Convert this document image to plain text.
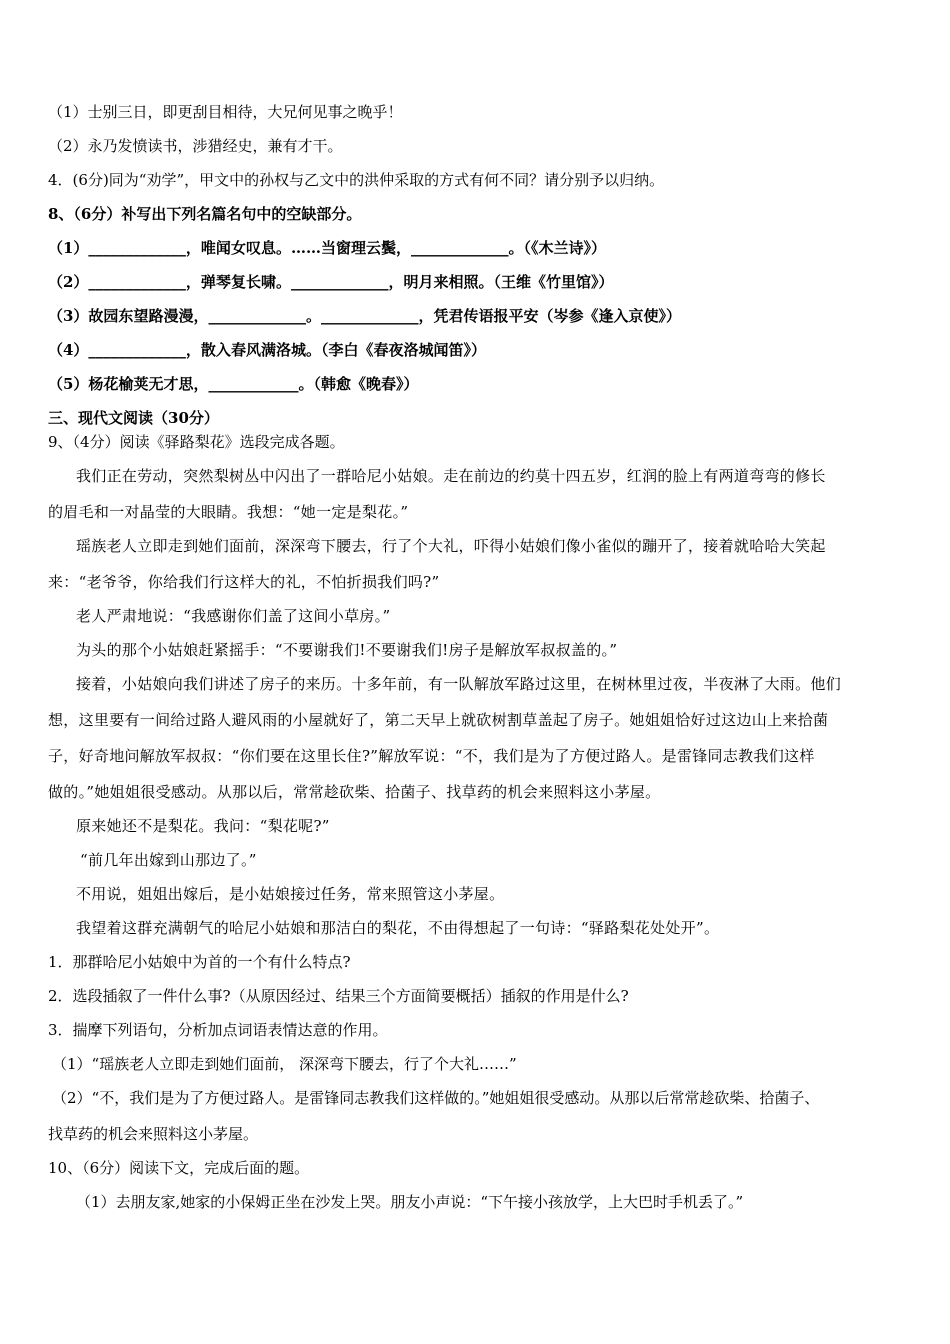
（1）士别三日，即更刮目相待，大兄何见事之晚乎！
（2）永乃发愤读书，涉猎经史，兼有才干。
4．(6分)同为“劝学”，甲文中的孙权与乙文中的洪仲采取的方式有何不同？请分别予以归纳。
8、（6分）补写出下列名篇名句中的空缺部分。
（1）_____________，唯闻女叹息。……当窗理云鬓，_____________。（《木兰诗》）
（2）_____________，弹琴复长啸。_____________，明月来相照。（王维《竹里馆》）
（3）故园东望路漫漫，_____________。_____________，凭君传语报平安（岑参《逢入京使》）
（4）_____________，散入春风满洛城。（李白《春夜洛城闻笛》）
（5）杨花榆荚无才思，____________。（韩愈《晚春》）
三、现代文阅读（30分）
9、（4分）阅读《驿路梨花》选段完成各题。
我们正在劳动，突然梨树丛中闪出了一群哈尼小姑娘。走在前边的约莫十四五岁，红润的脸上有两道弯弯的修长
的眉毛和一对晶莹的大眼睛。我想：“她一定是梨花。”
瑶族老人立即走到她们面前，深深弯下腰去，行了个大礼，吓得小姑娘们像小雀似的蹦开了，接着就哈哈大笑起
来：“老爷爷，你给我们行这样大的礼，不怕折损我们吗?”
老人严肃地说：“我感谢你们盖了这间小草房。”
为头的那个小姑娘赶紧摇手：“不要谢我们!不要谢我们!房子是解放军叔叔盖的。”
接着，小姑娘向我们讲述了房子的来历。十多年前，有一队解放军路过这里，在树林里过夜，半夜淋了大雨。他们
想，这里要有一间给过路人避风雨的小屋就好了，第二天早上就砍树割草盖起了房子。她姐姐恰好过这边山上来拾菌
子，好奇地问解放军叔叔：“你们要在这里长住?”解放军说：“不，我们是为了方便过路人。是雷锋同志教我们这样
做的。”她姐姐很受感动。从那以后，常常趁砍柴、拾菌子、找草药的机会来照料这小茅屋。
原来她还不是梨花。我问：“梨花呢?”
“前几年出嫁到山那边了。”
不用说，姐姐出嫁后，是小姑娘接过任务，常来照管这小茅屋。
我望着这群充满朝气的哈尼小姑娘和那洁白的梨花，不由得想起了一句诗：“驿路梨花处处开”。
1．那群哈尼小姑娘中为首的一个有什么特点?
2．选段插叙了一件什么事?（从原因经过、结果三个方面简要概括）插叙的作用是什么?
3．揣摩下列语句，分析加点词语表情达意的作用。
（1）“瑶族老人立即走到她们面前， 深深弯下腰去，行了个大礼……”
（2）“不，我们是为了方便过路人。是雷锋同志教我们这样做的。”她姐姐很受感动。从那以后常常趁砍柴、拾菌子、
找草药的机会来照料这小茅屋。
10、（6分）阅读下文，完成后面的题。
（1）去朋友家,她家的小保姆正坐在沙发上哭。朋友小声说：“下午接小孩放学，上大巴时手机丢了。”
